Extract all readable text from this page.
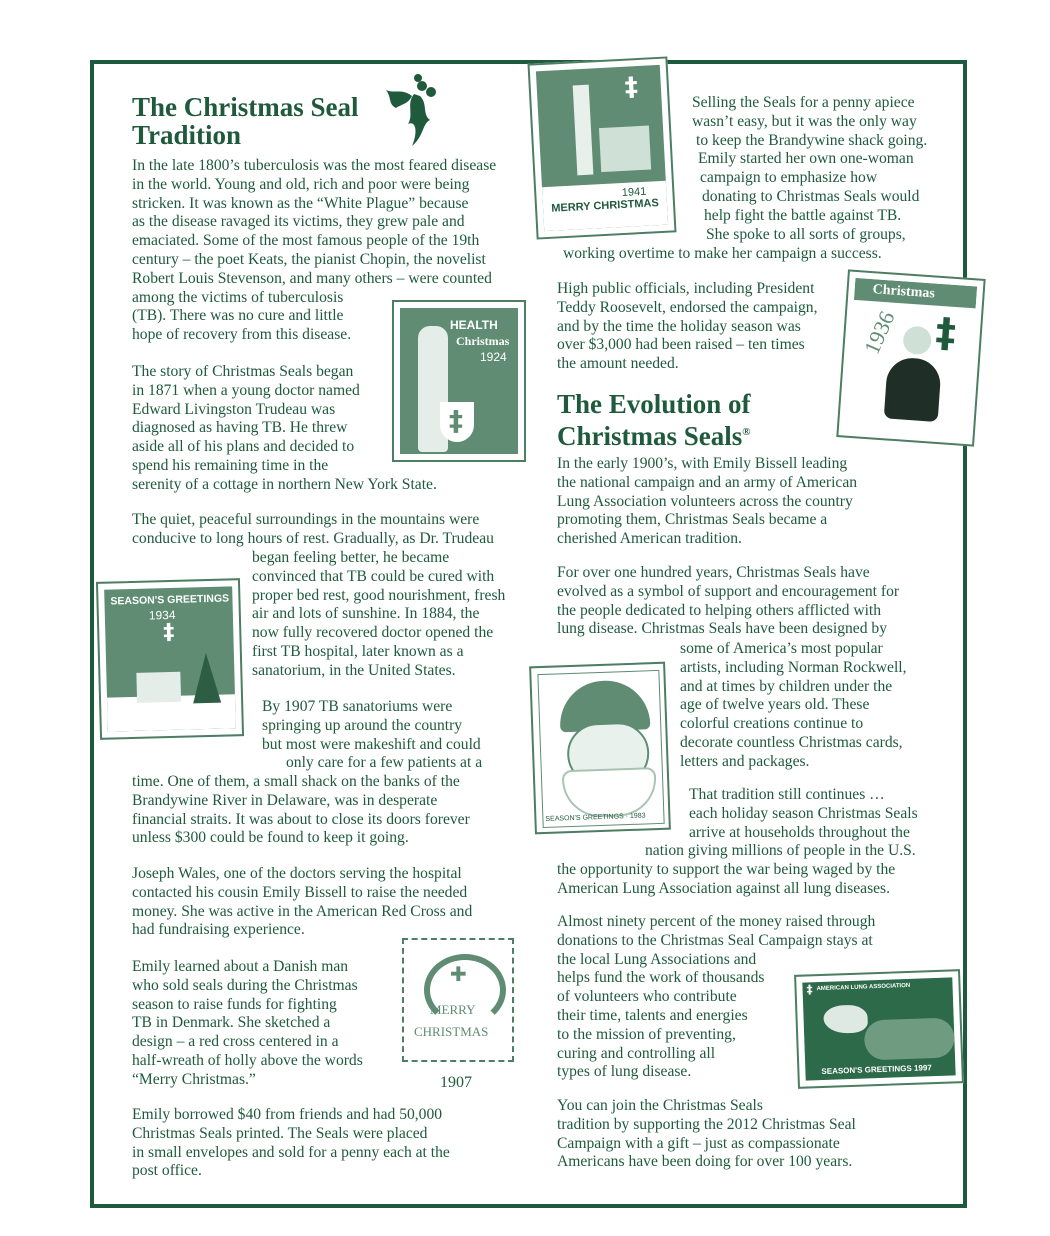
The Christmas Seal
Tradition
In the late 1800’s tuberculosis was the most feared disease
in the world. Young and old, rich and poor were being
stricken. It was known as the “White Plague” because
as the disease ravaged its victims, they grew pale and
emaciated. Some of the most famous people of the 19th
century – the poet Keats, the pianist Chopin, the novelist
Robert Louis Stevenson, and many others – were counted
among the victims of tuberculosis
(TB). There was no cure and little
hope of recovery from this disease.
The story of Christmas Seals began
in 1871 when a young doctor named
Edward Livingston Trudeau was
diagnosed as having TB. He threw
aside all of his plans and decided to
spend his remaining time in the
serenity of a cottage in northern New York State.
The quiet, peaceful surroundings in the mountains were
conducive to long hours of rest. Gradually, as Dr. Trudeau
began feeling better, he became
convinced that TB could be cured with
proper bed rest, good nourishment, fresh
air and lots of sunshine. In 1884, the
now fully recovered doctor opened the
first TB hospital, later known as a
sanatorium, in the United States.
By 1907 TB sanatoriums were
springing up around the country
but most were makeshift and could
only care for a few patients at a
time. One of them, a small shack on the banks of the
Brandywine River in Delaware, was in desperate
financial straits. It was about to close its doors forever
unless $300 could be found to keep it going.
Joseph Wales, one of the doctors serving the hospital
contacted his cousin Emily Bissell to raise the needed
money. She was active in the American Red Cross and
had fundraising experience.
Emily learned about a Danish man
who sold seals during the Christmas
season to raise funds for fighting
TB in Denmark. She sketched a
design – a red cross centered in a
half-wreath of holly above the words
“Merry Christmas.”	1907
Emily borrowed $40 from friends and had 50,000
Christmas Seals printed. The Seals were placed
in small envelopes and sold for a penny each at the
post office.
Selling the Seals for a penny apiece
wasn’t easy, but it was the only way
to keep the Brandywine shack going.
Emily started her own one-woman
campaign to emphasize how
donating to Christmas Seals would
help fight the battle against TB.
She spoke to all sorts of groups,
working overtime to make her campaign a success.
High public officials, including President
Teddy Roosevelt, endorsed the campaign,
and by the time the holiday season was
over $3,000 had been raised – ten times
the amount needed.
The Evolution of
Christmas Seals®
In the early 1900’s, with Emily Bissell leading
the national campaign and an army of American
Lung Association volunteers across the country
promoting them, Christmas Seals became a
cherished American tradition.
For over one hundred years, Christmas Seals have
evolved as a symbol of support and encouragement for
the people dedicated to helping others afflicted with
lung disease. Christmas Seals have been designed by
some of America’s most popular
artists, including Norman Rockwell,
and at times by children under the
age of twelve years old. These
colorful creations continue to
decorate countless Christmas cards,
letters and packages.
That tradition still continues …
each holiday season Christmas Seals
arrive at households throughout the
nation giving millions of people in the U.S.
the opportunity to support the war being waged by the
American Lung Association against all lung diseases.
Almost ninety percent of the money raised through
donations to the Christmas Seal Campaign stays at
the local Lung Associations and
helps fund the work of thousands
of volunteers who contribute
their time, talents and energies
to the mission of preventing,
curing and controlling all
types of lung disease.
You can join the Christmas Seals
tradition by supporting the 2012 Christmas Seal
Campaign with a gift – just as compassionate
Americans have been doing for over 100 years.
‡
1941
MERRY CHRISTMAS
HEALTH
Christmas
1924
‡
SEASON'S GREETINGS
1934
‡
Christmas
1936 ‡
SEASON'S GREETINGS · 1983
✚
MERRY
CHRISTMAS
AMERICAN LUNG ASSOCIATION
‡
SEASON'S GREETINGS 1997
